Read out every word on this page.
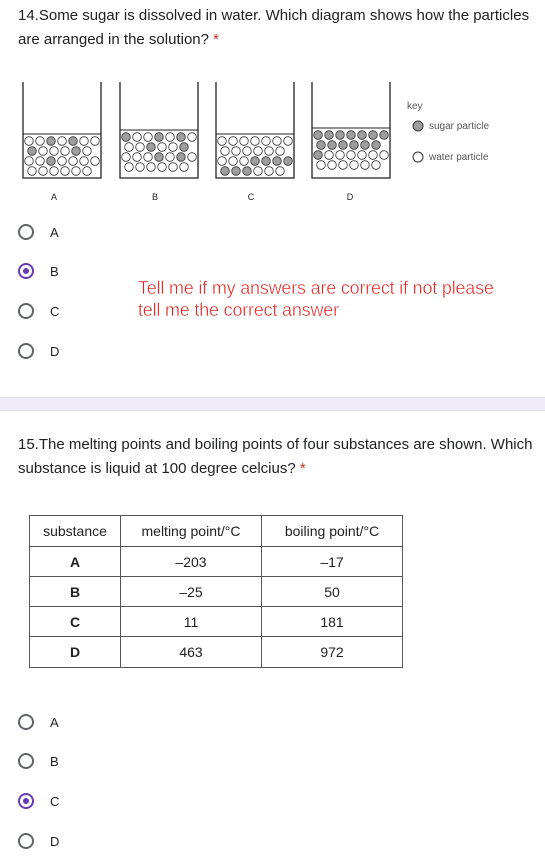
14.Some sugar is dissolved in water. Which diagram shows how the particles are arranged in the solution? *
key
sugar particle
water particle
A	B	C	D
A
B
C
D
Tell me if my answers are correct if not please tell me the correct answer
15.The melting points and boiling points of four substances are shown. Which substance is liquid at 100 degree celcius? *
substance	melting point/°C	boiling point/°C
A	–203	–17
B	–25	50
C	11	181
D	463	972
A
B
C
D
